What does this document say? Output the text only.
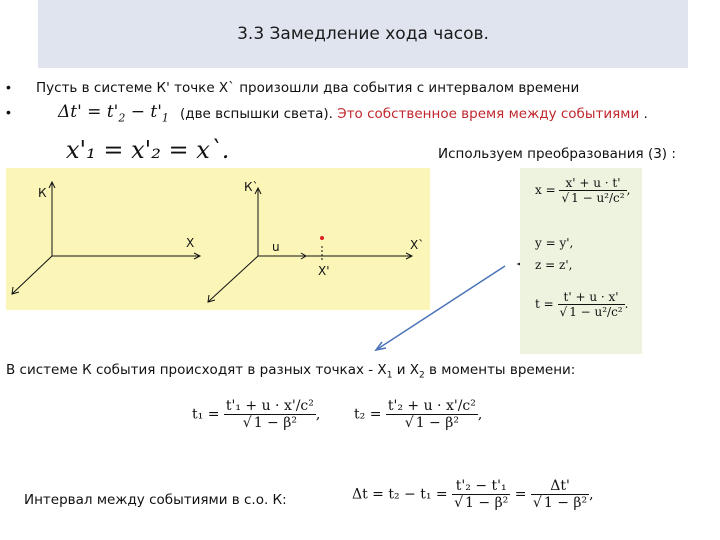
3.3 Замедление хода часов.
• Пусть в системе К' точке X` произошли два события с интервалом времени
•	$\Delta t' = t'_2 - t'_1$ (две вспышки света). Это собственное время между событиями .
x'₁ = x'₂ = x`.	Используем преобразования (3) :
К
X
К`
X`
u
X'
$x = \frac{x' + u \cdot t'}{\text{√ 1 − u²/c²}}$ ,
y = y',
z = z',
$t = \frac{t' + u \cdot x'}{\text{√ 1 − u²/c²}}$ .
В системе К события происходят в разных точках - $X_1$ и $X_2$ в моменты времени:
$t_1 = \frac{\text{t'₁ + u · x'/c²}}{\text{√ 1 − β²}}$ , $t_2 = \frac{\text{t'₂ + u · x'/c²}}{\text{√ 1 − β²}}$ ,
Интервал между событиями в с.о. К:	$\Delta t = t_2 - t_1 = \frac{\text{t'₂ − t'₁}}{\text{√ 1 − β²}} = \frac{\Delta t'}{\text{√ 1 − β²}}$ ,
